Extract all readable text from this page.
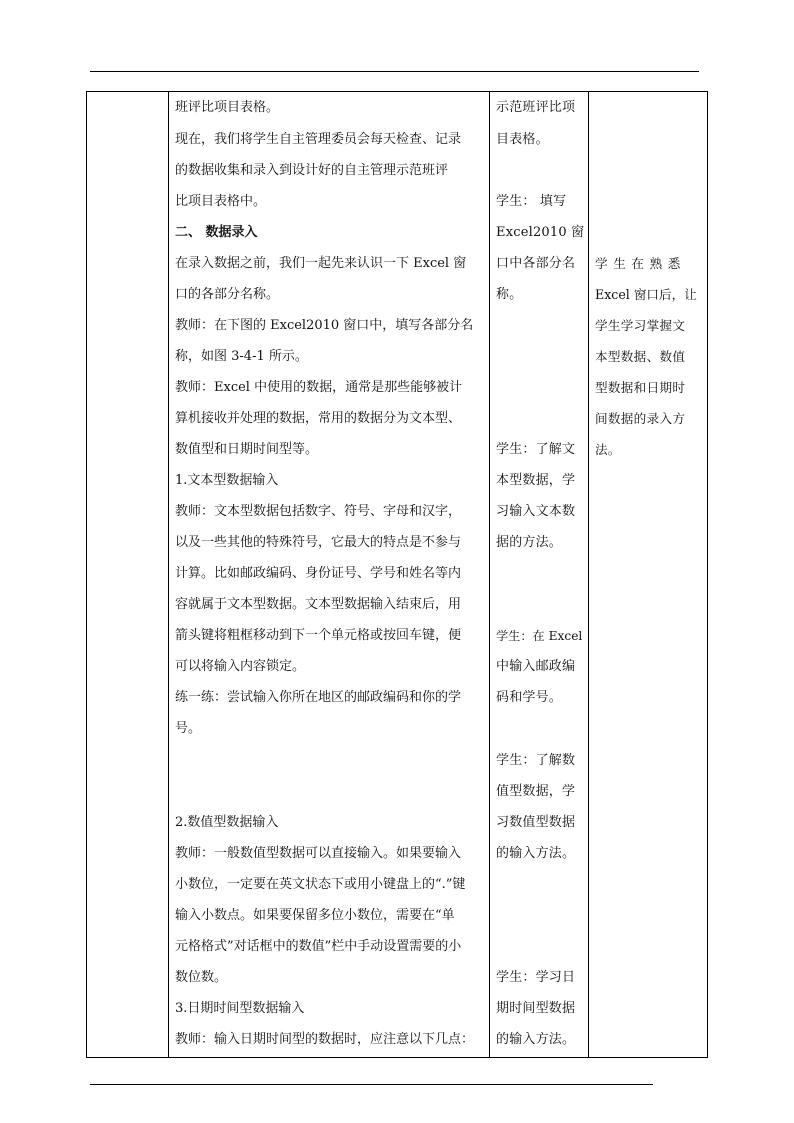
班评比项目表格。
现在，我们将学生自主管理委员会每天检查、记录
的数据收集和录入到设计好的自主管理示范班评
比项目表格中。
二、 数据录入
在录入数据之前，我们一起先来认识一下 Excel 窗
口的各部分名称。
教师：在下图的 Excel2010 窗口中，填写各部分名
称，如图 3-4-1 所示。
教师：Excel 中使用的数据，通常是那些能够被计
算机接收并处理的数据，常用的数据分为文本型、
数值型和日期时间型等。
1.文本型数据输入
教师：文本型数据包括数字、符号、字母和汉字，
以及一些其他的特殊符号，它最大的特点是不参与
计算。比如邮政编码、身份证号、学号和姓名等内
容就属于文本型数据。文本型数据输入结束后，用
箭头键将粗框移动到下一个单元格或按回车键，便
可以将输入内容锁定。
练一练：尝试输入你所在地区的邮政编码和你的学
号。
2.数值型数据输入
教师：一般数值型数据可以直接输入。如果要输入
小数位，一定要在英文状态下或用小键盘上的“.”键
输入小数点。如果要保留多位小数位，需要在“单
元格格式”对话框中的数值”栏中手动设置需要的小
数位数。
3.日期时间型数据输入
教师：输入日期时间型的数据时，应注意以下几点：
示范班评比项
目表格。
学生： 填写
Excel2010 窗
口中各部分名
称。
学生：了解文
本型数据，学
习输入文本数
据的方法。
学生：在 Excel
中输入邮政编
码和学号。
学生：了解数
值型数据，学
习数值型数据
的输入方法。
学生：学习日
期时间型数据
的输入方法。
学 生 在 熟 悉
Excel 窗口后，让
学生学习掌握文
本型数据、数值
型数据和日期时
间数据的录入方
法。
